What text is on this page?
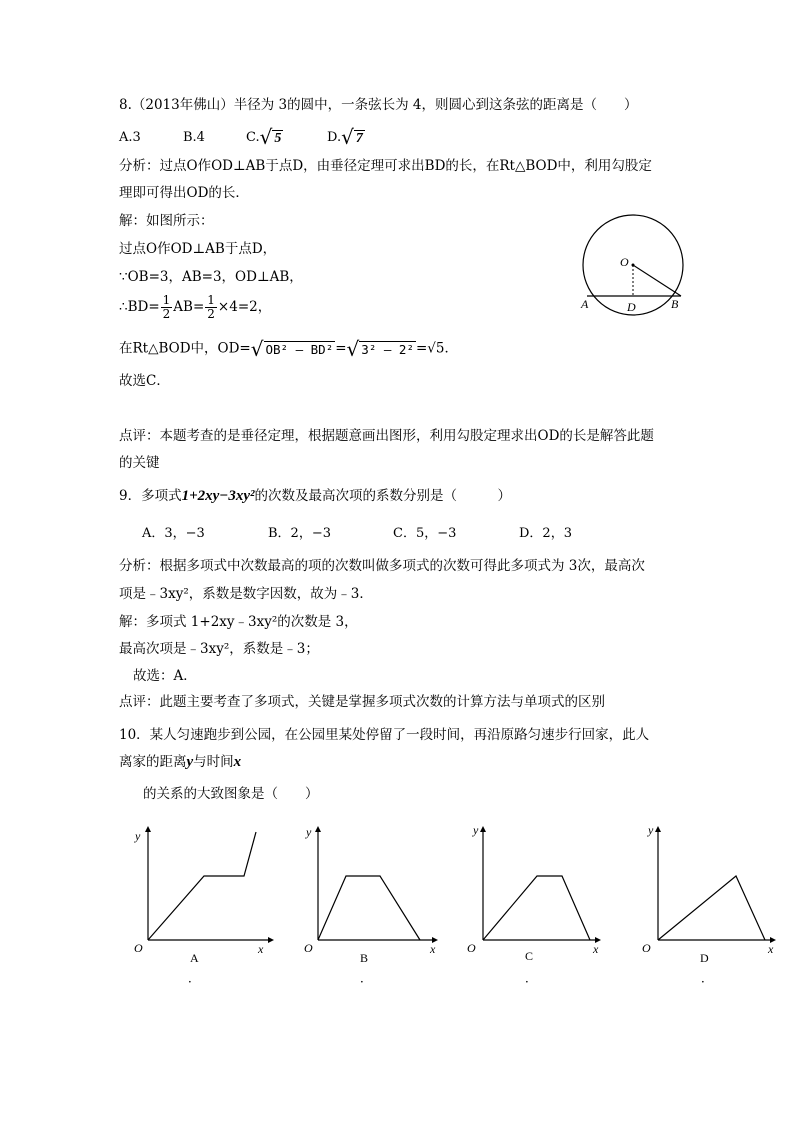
8.（2013年佛山）半径为 3的圆中，一条弦长为 4，则圆心到这条弦的距离是（　　）
A.3	B.4	C.√ 5	D.√ 7
分析：过点O作OD⊥AB于点D，由垂径定理可求出BD的长，在Rt△BOD中，利用勾股定
理即可得出OD的长．
解：如图所示：
过点O作OD⊥AB于点D，
∵OB=3，AB=3，OD⊥AB，
∴BD= $\frac{1}{2} AB= \frac{1}{2} \times 4=2$，
在Rt△BOD中，OD=√ OB² – BD² =√ 3² – 2² =√5．
故选C．
O
A	D	B
点评：本题考查的是垂径定理，根据题意画出图形，利用勾股定理求出OD的长是解答此题
的关键
9．多项式1+2xy−3xy²的次数及最高次项的系数分别是（　　　）
A．3，−3	B．2，−3	C．5，−3	D．2，3
分析：根据多项式中次数最高的项的次数叫做多项式的次数可得此多项式为 3次，最高次
项是﹣3xy²，系数是数字因数，故为﹣3．
解：多项式 1+2xy﹣3xy²的次数是 3，
最高次项是﹣3xy²，系数是﹣3；
故选：A．
点评：此题主要考查了多项式，关键是掌握多项式次数的计算方法与单项式的区别
10．某人匀速跑步到公园，在公园里某处停留了一段时间，再沿原路匀速步行回家，此人
离家的距离y与时间x
的关系的大致图象是（　　）
y
x
O
A
．
y
x
O
B
．
y
x
O
C
．
y
x
O
D
．
